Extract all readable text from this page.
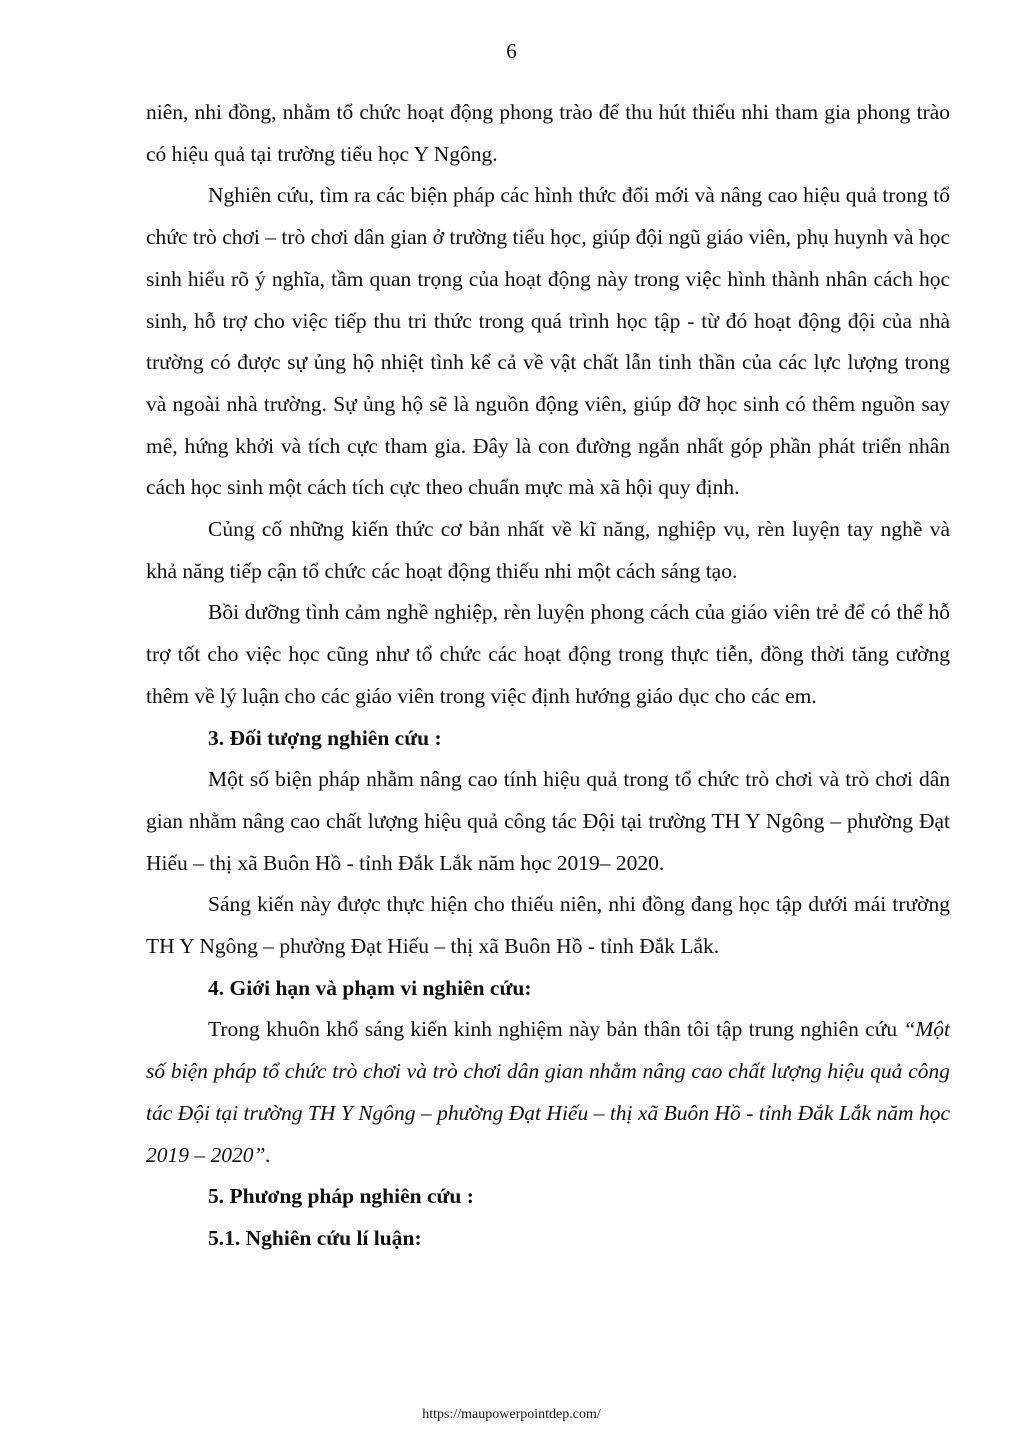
6

niên, nhi đồng, nhằm tổ chức hoạt động phong trào để thu hút thiếu nhi tham gia phong trào có hiệu quả tại trường tiểu học Y Ngông.

Nghiên cứu, tìm ra các biện pháp các hình thức đổi mới và nâng cao hiệu quả trong tổ chức trò chơi – trò chơi dân gian ở trường tiểu học, giúp đội ngũ giáo viên, phụ huynh và học sinh hiểu rõ ý nghĩa, tầm quan trọng của hoạt động này trong việc hình thành nhân cách học sinh, hỗ trợ cho việc tiếp thu tri thức trong quá trình học tập - từ đó hoạt động đội của nhà trường có được sự ủng hộ nhiệt tình kể cả về vật chất lẫn tinh thần của các lực lượng trong và ngoài nhà trường. Sự ủng hộ sẽ là nguồn động viên, giúp đỡ học sinh có thêm nguồn say mê, hứng khởi và tích cực tham gia. Đây là con đường ngắn nhất góp phần phát triển nhân cách học sinh một cách tích cực theo chuẩn mực mà xã hội quy định.

Củng cố những kiến thức cơ bản nhất về kĩ năng, nghiệp vụ, rèn luyện tay nghề và khả năng tiếp cận tổ chức các hoạt động thiếu nhi một cách sáng tạo.

Bồi dưỡng tình cảm nghề nghiệp, rèn luyện phong cách của giáo viên trẻ để có thể hỗ trợ tốt cho việc học cũng như tổ chức các hoạt động trong thực tiễn, đồng thời tăng cường thêm về lý luận cho các giáo viên trong việc định hướng giáo dục cho các em.

3. Đối tượng nghiên cứu :

Một số biện pháp nhằm nâng cao tính hiệu quả trong tổ chức trò chơi và trò chơi dân gian nhằm nâng cao chất lượng hiệu quả công tác Đội tại trường TH Y Ngông – phường Đạt Hiếu – thị xã Buôn Hồ - tỉnh Đắk Lắk năm học 2019– 2020.

Sáng kiến này được thực hiện cho thiếu niên, nhi đồng đang học tập dưới mái trường TH Y Ngông – phường Đạt Hiếu – thị xã Buôn Hồ - tỉnh Đắk Lắk.

4. Giới hạn và phạm vi nghiên cứu:

Trong khuôn khổ sáng kiến kinh nghiệm này bản thân tôi tập trung nghiên cứu “Một số biện pháp tổ chức trò chơi và trò chơi dân gian nhằm nâng cao chất lượng hiệu quả công tác Đội tại trường TH Y Ngông – phường Đạt Hiếu – thị xã Buôn Hồ - tỉnh Đắk Lắk năm học 2019 – 2020”.

5. Phương pháp nghiên cứu :

5.1. Nghiên cứu lí luận:

https://maupowerpointdep.com/
